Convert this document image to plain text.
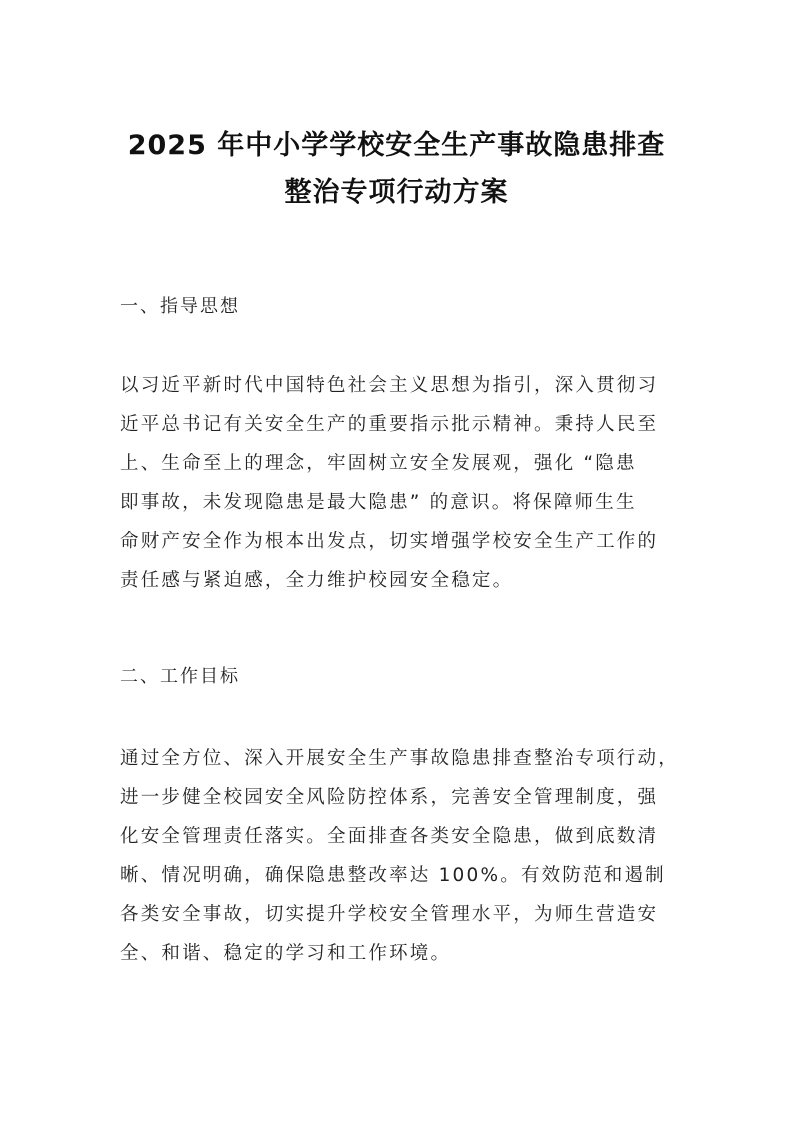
2025 年中小学学校安全生产事故隐患排查
整治专项行动方案
一、指导思想
以习近平新时代中国特色社会主义思想为指引，深入贯彻习
近平总书记有关安全生产的重要指示批示精神。秉持人民至
上、生命至上的理念，牢固树立安全发展观，强化 “隐患
即事故，未发现隐患是最大隐患” 的意识。将保障师生生
命财产安全作为根本出发点，切实增强学校安全生产工作的
责任感与紧迫感，全力维护校园安全稳定。
二、工作目标
通过全方位、深入开展安全生产事故隐患排查整治专项行动，
进一步健全校园安全风险防控体系，完善安全管理制度，强
化安全管理责任落实。全面排查各类安全隐患，做到底数清
晰、情况明确，确保隐患整改率达 100%。有效防范和遏制
各类安全事故，切实提升学校安全管理水平，为师生营造安
全、和谐、稳定的学习和工作环境。
